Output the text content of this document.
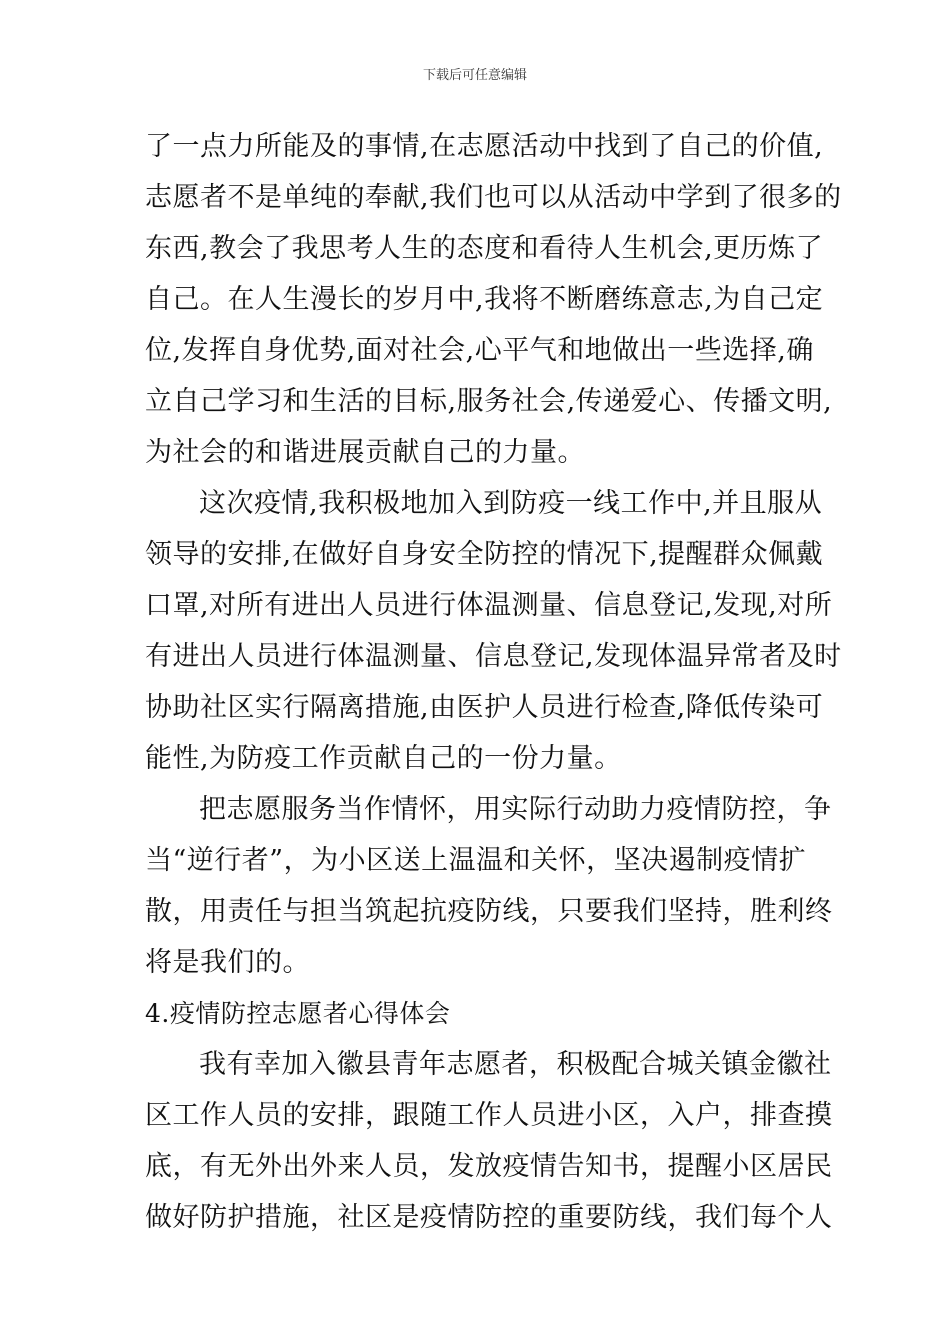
下载后可任意编辑
了一点力所能及的事情,在志愿活动中找到了自己的价值,
志愿者不是单纯的奉献,我们也可以从活动中学到了很多的
东西,教会了我思考人生的态度和看待人生机会,更历炼了
自己。在人生漫长的岁月中,我将不断磨练意志,为自己定
位,发挥自身优势,面对社会,心平气和地做出一些选择,确
立自己学习和生活的目标,服务社会,传递爱心、传播文明,
为社会的和谐进展贡献自己的力量。
这次疫情,我积极地加入到防疫一线工作中,并且服从
领导的安排,在做好自身安全防控的情况下,提醒群众佩戴
口罩,对所有进出人员进行体温测量、信息登记,发现,对所
有进出人员进行体温测量、信息登记,发现体温异常者及时
协助社区实行隔离措施,由医护人员进行检查,降低传染可
能性,为防疫工作贡献自己的一份力量。
把志愿服务当作情怀，用实际行动助力疫情防控，争
当“逆行者”，为小区送上温温和关怀，坚决遏制疫情扩
散，用责任与担当筑起抗疫防线，只要我们坚持，胜利终
将是我们的。
4.疫情防控志愿者心得体会
我有幸加入徽县青年志愿者，积极配合城关镇金徽社
区工作人员的安排，跟随工作人员进小区，入户，排查摸
底，有无外出外来人员，发放疫情告知书，提醒小区居民
做好防护措施，社区是疫情防控的重要防线，我们每个人
